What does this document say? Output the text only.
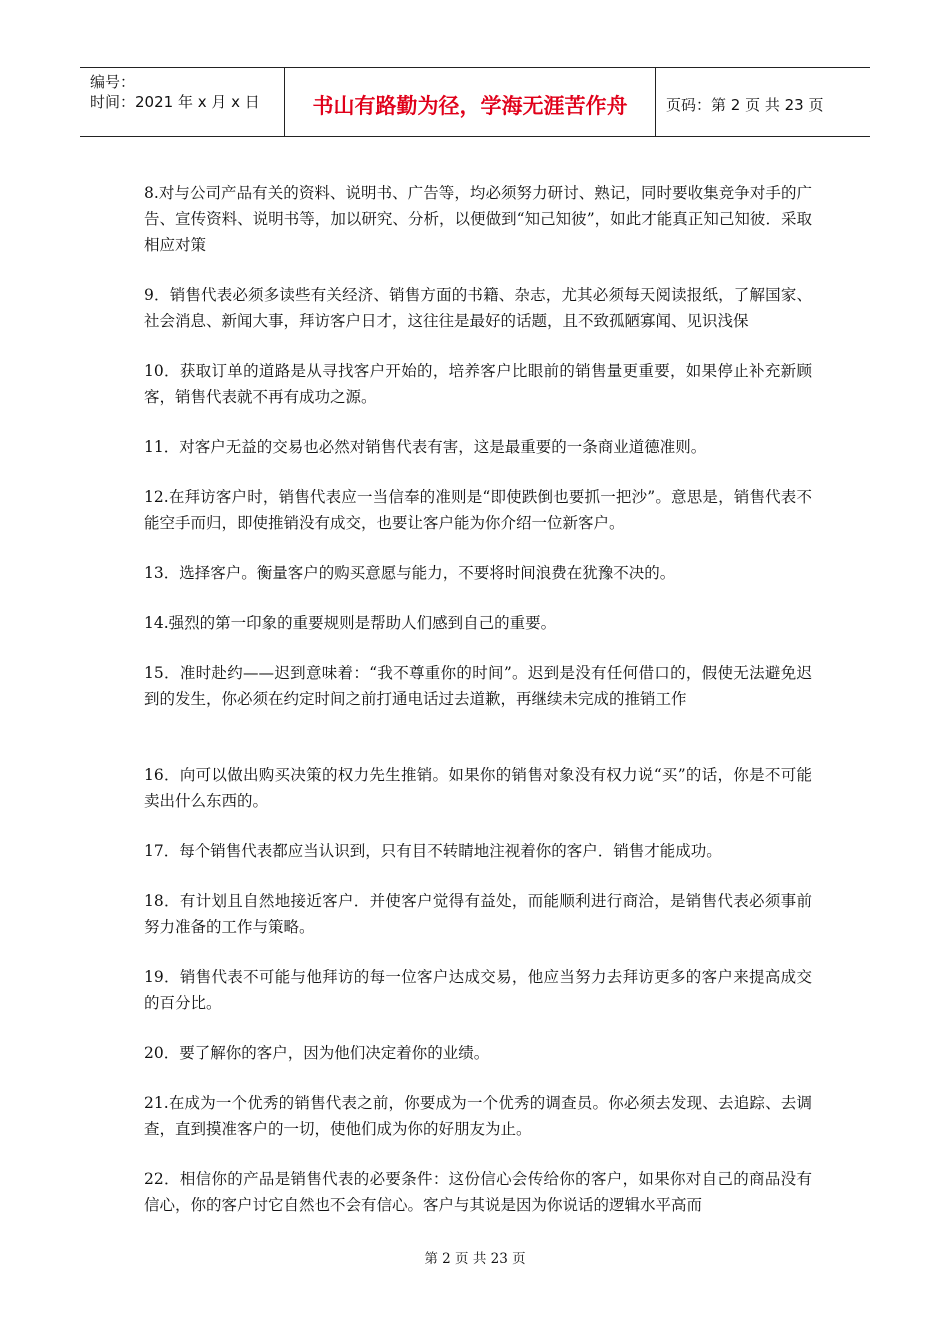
编号：
时间：2021 年 x 月 x 日	书山有路勤为径，学海无涯苦作舟	页码：第 2 页 共 23 页

8.对与公司产品有关的资料、说明书、广告等，均必须努力研讨、熟记，同时要收集竞争对手的广告、宣传资料、说明书等，加以研究、分析，以便做到“知己知彼”，如此才能真正知己知彼．采取相应对策

9．销售代表必须多读些有关经济、销售方面的书籍、杂志，尤其必须每天阅读报纸，了解国家、社会消息、新闻大事，拜访客户日才，这往往是最好的话题，且不致孤陋寡闻、见识浅保

10．获取订单的道路是从寻找客户开始的，培养客户比眼前的销售量更重要，如果停止补充新顾客，销售代表就不再有成功之源。

11．对客户无益的交易也必然对销售代表有害，这是最重要的一条商业道德准则。

12.在拜访客户时，销售代表应一当信奉的准则是“即使跌倒也要抓一把沙”。意思是，销售代表不能空手而归，即使推销没有成交，也要让客户能为你介绍一位新客户。

13．选择客户。衡量客户的购买意愿与能力，不要将时间浪费在犹豫不决的。

14.强烈的第一印象的重要规则是帮助人们感到自己的重要。

15．准时赴约——迟到意味着：“我不尊重你的时间”。迟到是没有任何借口的，假使无法避免迟到的发生，你必须在约定时间之前打通电话过去道歉，再继续未完成的推销工作

16．向可以做出购买决策的权力先生推销。如果你的销售对象没有权力说“买”的话，你是不可能卖出什么东西的。

17．每个销售代表都应当认识到，只有目不转睛地注视着你的客户．销售才能成功。

18．有计划且自然地接近客户．并使客户觉得有益处，而能顺利进行商洽，是销售代表必须事前努力准备的工作与策略。

19．销售代表不可能与他拜访的每一位客户达成交易，他应当努力去拜访更多的客户来提高成交的百分比。

20．要了解你的客户，因为他们决定着你的业绩。

21.在成为一个优秀的销售代表之前，你要成为一个优秀的调查员。你必须去发现、去追踪、去调查，直到摸准客户的一切，使他们成为你的好朋友为止。

22．相信你的产品是销售代表的必要条件：这份信心会传给你的客户，如果你对自己的商品没有信心，你的客户讨它自然也不会有信心。客户与其说是因为你说话的逻辑水平高而

第 2 页 共 23 页
